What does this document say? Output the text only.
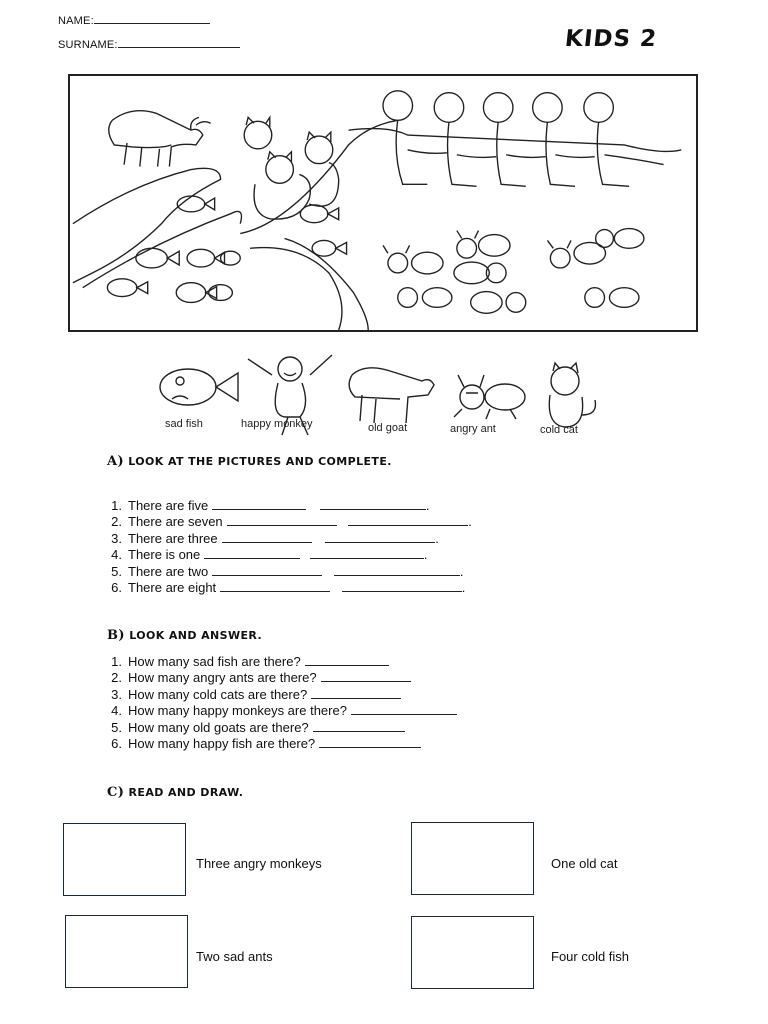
NAME:
SURNAME:	KIDS 2
sad fish	happy monkey	old goat	angry ant	cold cat
A) LOOK AT THE PICTURES AND COMPLETE.
1. There are five	.
2. There are seven	.
3. There are three	.
4. There is one	.
5. There are two	.
6. There are eight	.
B) LOOK AND ANSWER.
1. How many sad fish are there?
2. How many angry ants are there?
3. How many cold cats are there?
4. How many happy monkeys are there?
5. How many old goats are there?
6. How many happy fish are there?
C) READ AND DRAW.
Three angry monkeys	One old cat
Two sad ants	Four cold fish
